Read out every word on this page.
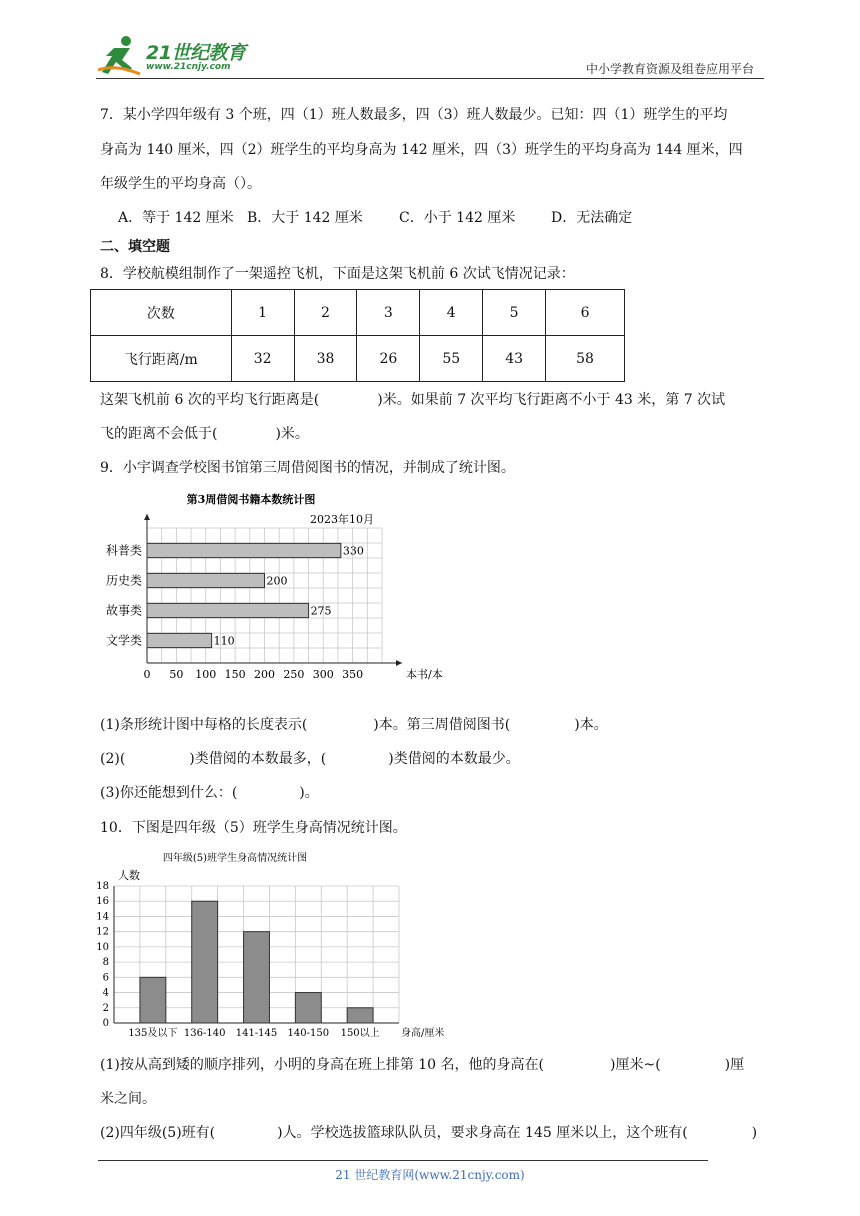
21世纪教育
www.21cnjy.com	中小学教育资源及组卷应用平台
7．某小学四年级有 3 个班，四（1）班人数最多，四（3）班人数最少。已知：四（1）班学生的平均
身高为 140 厘米，四（2）班学生的平均身高为 142 厘米，四（3）班学生的平均身高为 144 厘米，四
年级学生的平均身高（）。
A．等于 142 厘米 B．大于 142 厘米	C．小于 142 厘米	D．无法确定
二、填空题
8．学校航模组制作了一架遥控飞机，下面是这架飞机前 6 次试飞情况记录：
次数	1	2	3	4	5	6
飞行距离/m	32	38	26	55	43	58
这架飞机前 6 次的平均飞行距离是(	)米。如果前 7 次平均飞行距离不小于 43 米，第 7 次试
飞的距离不会低于(	)米。
9．小宇调查学校图书馆第三周借阅图书的情况，并制成了统计图。
第3周借阅书籍本数统计图
2023年10月
0 50 100 150 200 250 300 350	本书/本
科普类	330
历史类	200
故事类	275
文学类	110
(1)条形统计图中每格的长度表示(	)本。第三周借阅图书(	)本。
(2)(	)类借阅的本数最多，(	)类借阅的本数最少。
(3)你还能想到什么：(	)。
10．下图是四年级（5）班学生身高情况统计图。
四年级(5)班学生身高情况统计图
0
2
4
6
8
10
12
14
16
18
人数
身高/厘米
135及以下 136-140 141-145 140-150 150以上
(1)按从高到矮的顺序排列，小明的身高在班上排第 10 名，他的身高在(	)厘米~(	)厘
米之间。
(2)四年级(5)班有(	)人。学校选拔篮球队队员，要求身高在 145 厘米以上，这个班有(	)
21 世纪教育网(www.21cnjy.com)
